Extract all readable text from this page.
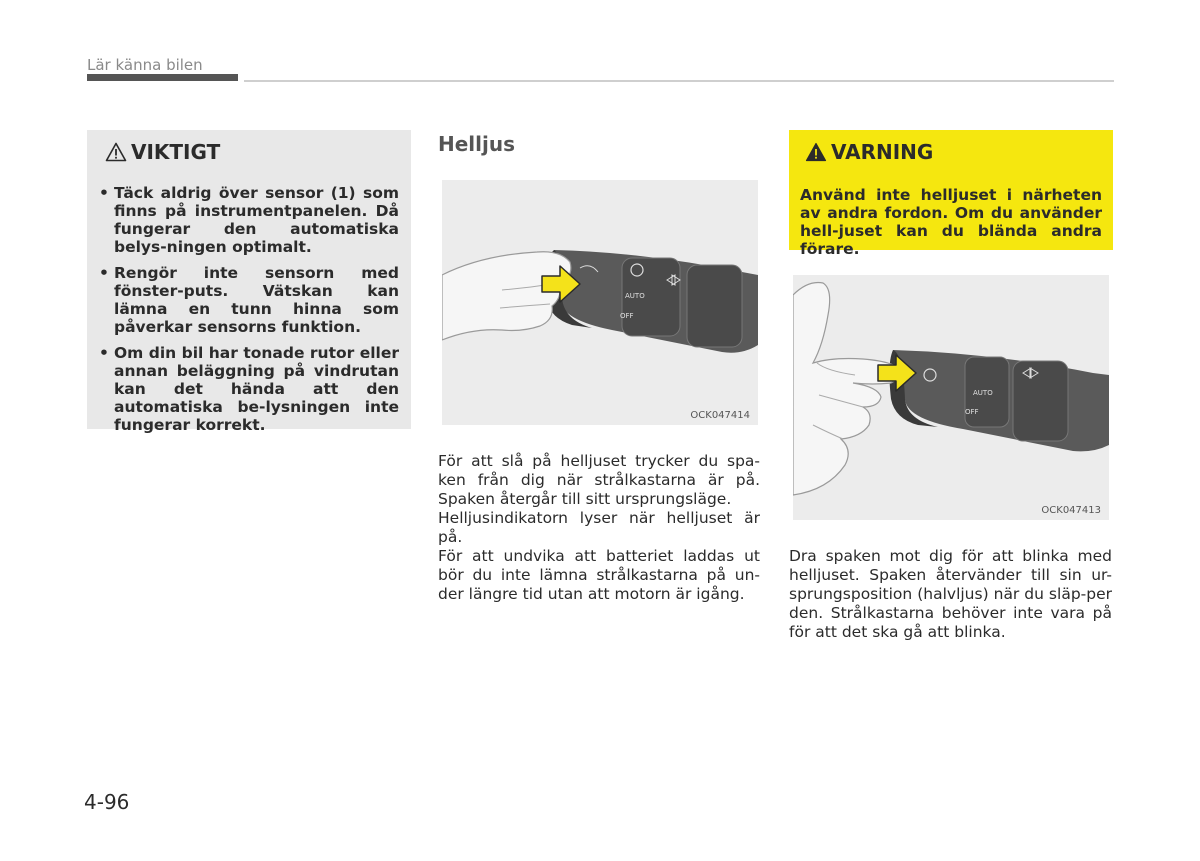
Lär känna bilen
VIKTIGT
• Täck aldrig över sensor (1) som finns på instrumentpanelen. Då fungerar den automatiska belys-ningen optimalt.
• Rengör inte sensorn med fönster-puts. Vätskan kan lämna en tunn hinna som påverkar sensorns funktion.
• Om din bil har tonade rutor eller annan beläggning på vindrutan kan det hända att den automatiska be-lysningen inte fungerar korrekt.
Helljus
AUTO
OFF
OCK047414

För att slå på helljuset trycker du spa-ken från dig när strålkastarna är på. Spaken återgår till sitt ursprungsläge.

Helljusindikatorn lyser när helljuset är på.

För att undvika att batteriet laddas ut bör du inte lämna strålkastarna på un-der längre tid utan att motorn är igång.

VARNING

Använd inte helljuset i närheten av andra fordon. Om du använder hell-juset kan du blända andra förare.

AUTO
OFF
OCK047413

Dra spaken mot dig för att blinka med helljuset. Spaken återvänder till sin ur-sprungsposition (halvljus) när du släp-per den. Strålkastarna behöver inte vara på för att det ska gå att blinka.

4-96
